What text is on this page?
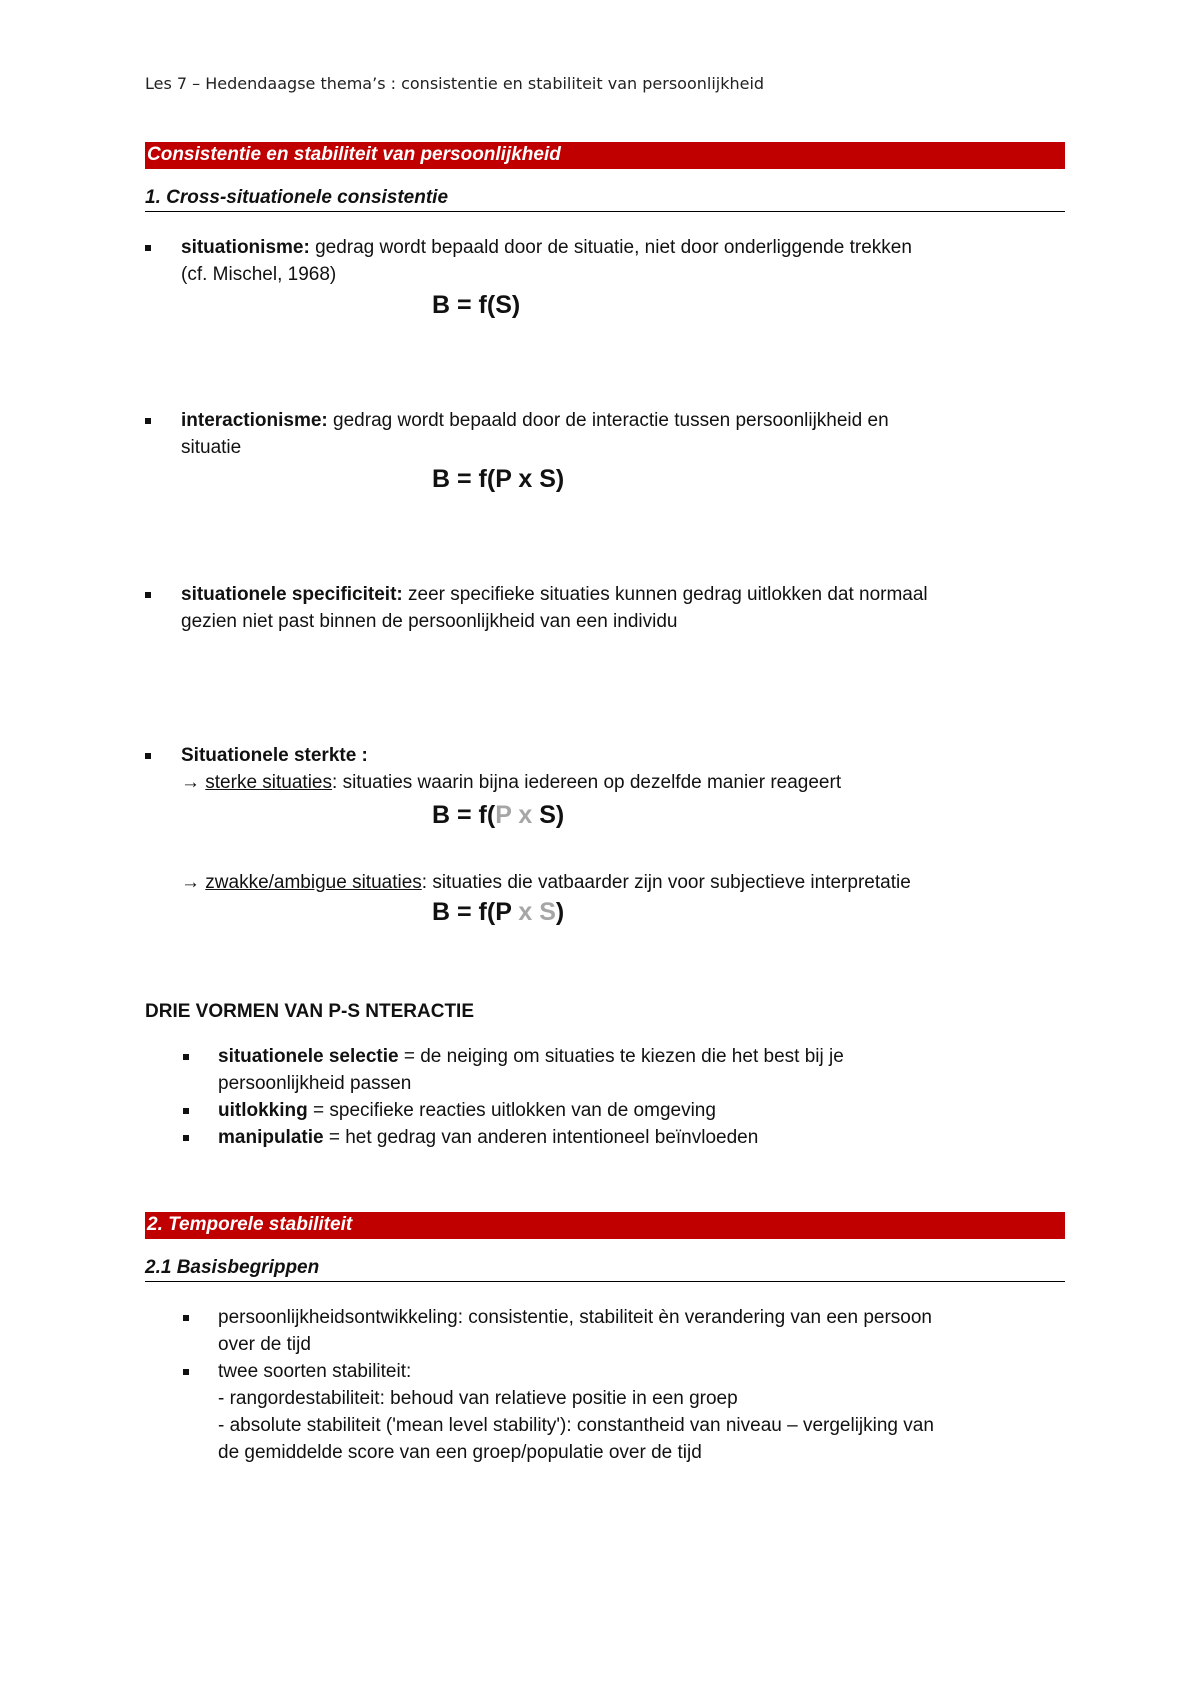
Les 7 – Hedendaagse thema’s : consistentie en stabiliteit van persoonlijkheid
Consistentie en stabiliteit van persoonlijkheid
1. Cross-situationele consistentie
situationisme: gedrag wordt bepaald door de situatie, niet door onderliggende trekken
(cf. Mischel, 1968)
B = f(S)
interactionisme: gedrag wordt bepaald door de interactie tussen persoonlijkheid en
situatie
B = f(P x S)
situationele specificiteit: zeer specifieke situaties kunnen gedrag uitlokken dat normaal
gezien niet past binnen de persoonlijkheid van een individu
Situationele sterkte :
→ sterke situaties: situaties waarin bijna iedereen op dezelfde manier reageert
B = f(P x S)
→ zwakke/ambigue situaties: situaties die vatbaarder zijn voor subjectieve interpretatie
B = f(P x S)
DRIE VORMEN VAN P-S NTERACTIE
situationele selectie = de neiging om situaties te kiezen die het best bij je
persoonlijkheid passen
uitlokking = specifieke reacties uitlokken van de omgeving
manipulatie = het gedrag van anderen intentioneel beïnvloeden
2. Temporele stabiliteit
2.1 Basisbegrippen
persoonlijkheidsontwikkeling: consistentie, stabiliteit èn verandering van een persoon
over de tijd
twee soorten stabiliteit:
- rangordestabiliteit: behoud van relatieve positie in een groep
- absolute stabiliteit ('mean level stability'): constantheid van niveau – vergelijking van
de gemiddelde score van een groep/populatie over de tijd
